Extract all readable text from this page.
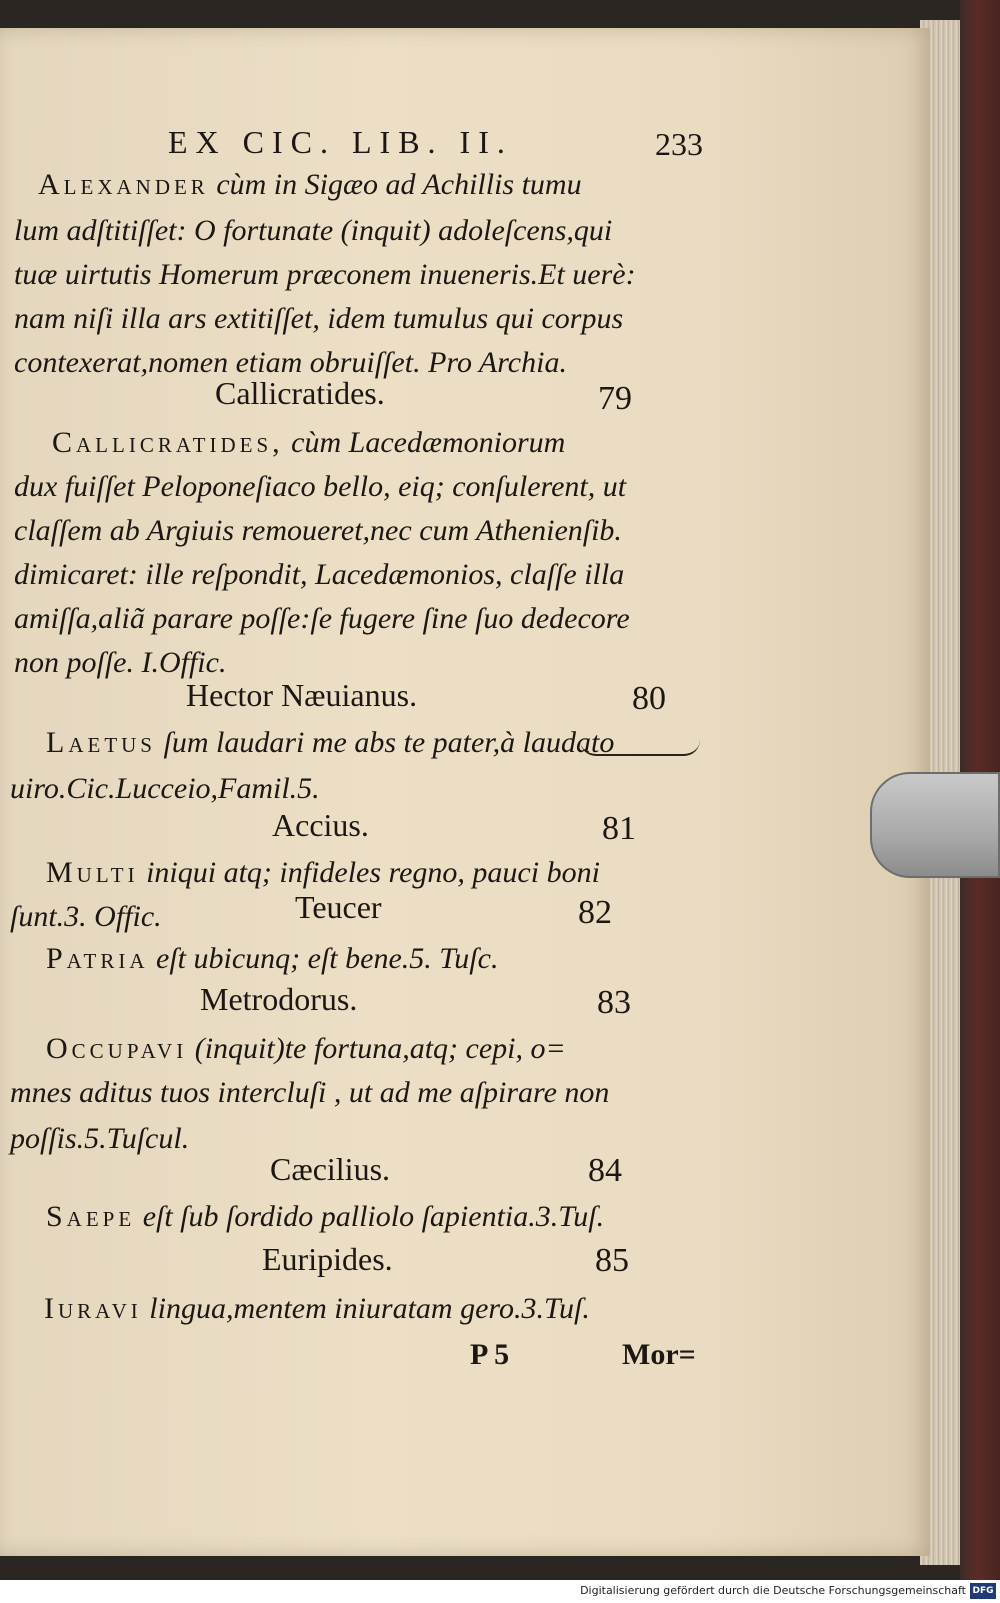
EX CIC. LIB. II.	233

Alexander cùm in Sigæo ad Achillis tumu

lum adſtitiſſet: O fortunate (inquit) adoleſcens,qui

tuæ uirtutis Homerum præconem inueneris.Et uerè:

nam niſi illa ars extitiſſet, idem tumulus qui corpus

contexerat,nomen etiam obruiſſet. Pro Archia.

Callicratides.	79

Callicratides, cùm Lacedæmoniorum

dux fuiſſet Peloponeſiaco bello, eiq; conſulerent, ut

claſſem ab Argiuis remoueret,nec cum Athenienſib.

dimicaret: ille reſpondit, Lacedæmonios, claſſe illa

amiſſa,aliã parare poſſe:ſe fugere ſine ſuo dedecore

non poſſe. I.Offic.

Hector Næuianus.	80

Laetus ſum laudari me abs te pater,à laudato

uiro.Cic.Lucceio,Famil.5.

Accius.	81

Multi iniqui atq; infideles regno, pauci boni

ſunt.3. Offic.	Teucer	82

Patria eſt ubicunq; eſt bene.5. Tuſc.

Metrodorus.	83

Occupavi (inquit)te fortuna,atq; cepi, o=

mnes aditus tuos intercluſi , ut ad me aſpirare non

poſſis.5.Tuſcul.

Cæcilius.	84

Saepe eſt ſub ſordido palliolo ſapientia.3.Tuſ.

Euripides.	85

Iuravi lingua,mentem iniuratam gero.3.Tuſ.

P 5	Mor=
Digitalisierung gefördert durch die Deutsche Forschungsgemeinschaft DFG
